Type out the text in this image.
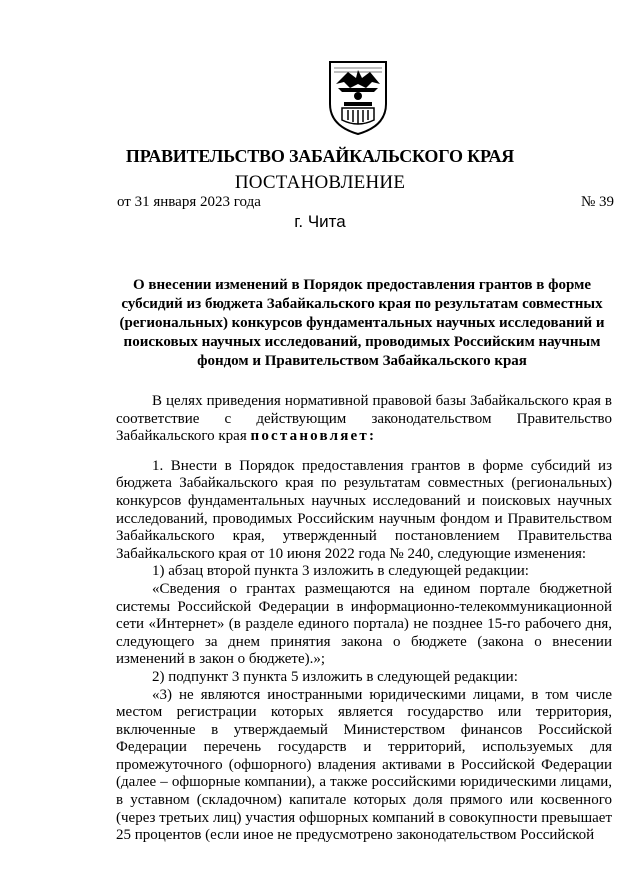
ПРАВИТЕЛЬСТВО ЗАБАЙКАЛЬСКОГО КРАЯ
ПОСТАНОВЛЕНИЕ
от 31 января 2023 года	№ 39
г. Чита
О внесении изменений в Порядок предоставления грантов в форме субсидий из бюджета Забайкальского края по результатам совместных (региональных) конкурсов фундаментальных научных исследований и поисковых научных исследований, проводимых Российским научным фондом и Правительством Забайкальского края

В целях приведения нормативной правовой базы Забайкальского края в соответствие с действующим законодательством Правительство Забайкальского края постановляет:

1. Внести в Порядок предоставления грантов в форме субсидий из бюджета Забайкальского края по результатам совместных (региональных) конкурсов фундаментальных научных исследований и поисковых научных исследований, проводимых Российским научным фондом и Правительством Забайкальского края, утвержденный постановлением Правительства Забайкальского края от 10 июня 2022 года № 240, следующие изменения:

1) абзац второй пункта 3 изложить в следующей редакции:

«Сведения о грантах размещаются на едином портале бюджетной системы Российской Федерации в информационно-телекоммуникационной сети «Интернет» (в разделе единого портала) не позднее 15-го рабочего дня, следующего за днем принятия закона о бюджете (закона о внесении изменений в закон о бюджете).»;

2) подпункт 3 пункта 5 изложить в следующей редакции:

«3) не являются иностранными юридическими лицами, в том числе местом регистрации которых является государство или территория, включенные в утверждаемый Министерством финансов Российской Федерации перечень государств и территорий, используемых для промежуточного (офшорного) владения активами в Российской Федерации (далее – офшорные компании), а также российскими юридическими лицами, в уставном (складочном) капитале которых доля прямого или косвенного (через третьих лиц) участия офшорных компаний в совокупности превышает 25 процентов (если иное не предусмотрено законодательством Российской
